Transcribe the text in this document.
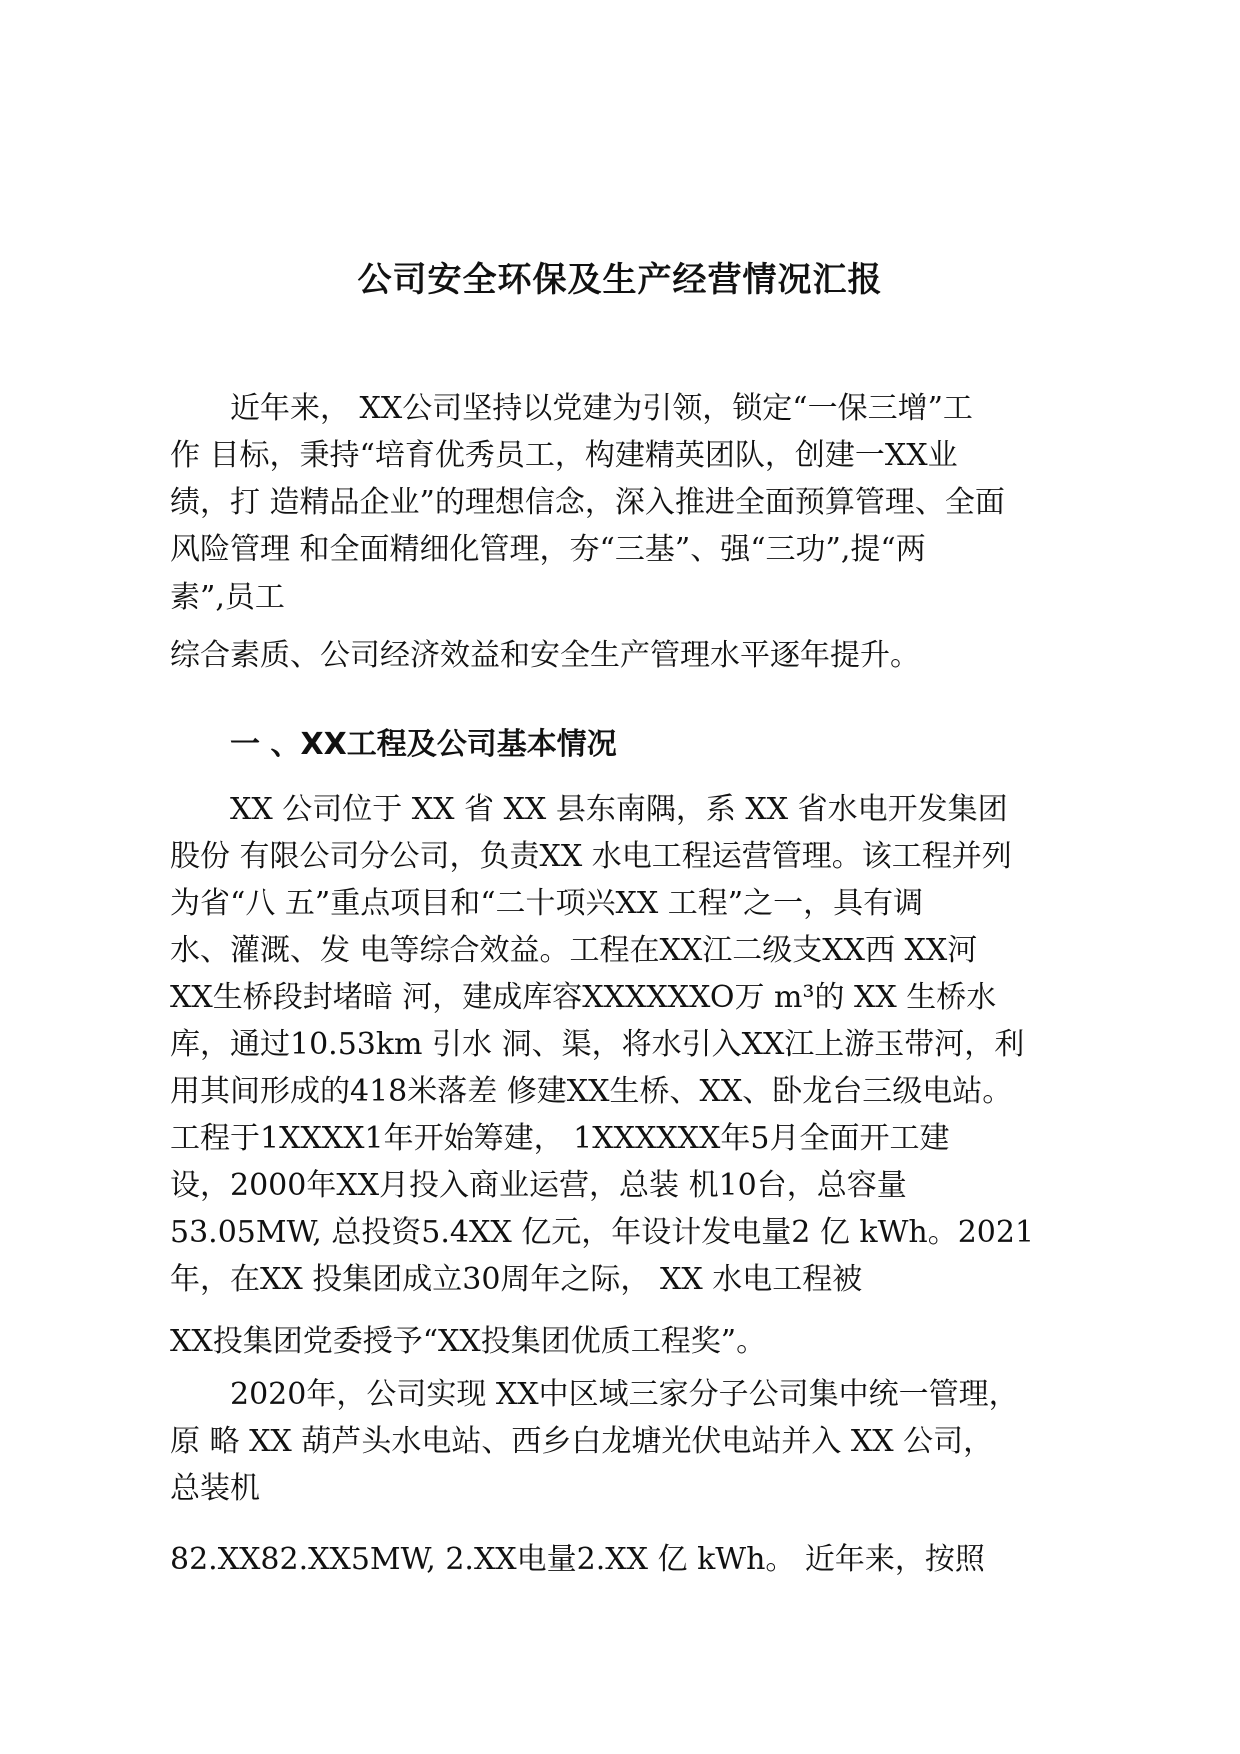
公司安全环保及生产经营情况汇报
近年来， XX公司坚持以党建为引领，锁定“一保三增”工
作 目标，秉持“培育优秀员工，构建精英团队，创建一XX业
绩，打 造精品企业”的理想信念，深入推进全面预算管理、全面
风险管理 和全面精细化管理，夯“三基”、强“三功”,提“两
素”,员工
综合素质、公司经济效益和安全生产管理水平逐年提升。
一 、XX工程及公司基本情况
XX 公司位于 XX 省 XX 县东南隅，系 XX 省水电开发集团
股份 有限公司分公司，负责XX 水电工程运营管理。该工程并列
为省“八 五”重点项目和“二十项兴XX 工程”之一，具有调
水、灌溉、发 电等综合效益。工程在XX江二级支XX西 XX河
XX生桥段封堵暗 河，建成库容XXXXXXO万 m³的 XX 生桥水
库，通过10.53km 引水 洞、渠，将水引入XX江上游玉带河，利
用其间形成的418米落差 修建XX生桥、XX、卧龙台三级电站。
工程于1XXXX1年开始筹建， 1XXXXXX年5月全面开工建
设，2000年XX月投入商业运营，总装 机10台，总容量
53.05MW, 总投资5.4XX 亿元，年设计发电量2 亿 kWh。2021
年，在XX 投集团成立30周年之际， XX 水电工程被
XX投集团党委授予“XX投集团优质工程奖”。
2020年，公司实现 XX中区域三家分子公司集中统一管理，
原 略 XX 葫芦头水电站、西乡白龙塘光伏电站并入 XX 公司，
总装机
82.XX82.XX5MW, 2.XX电量2.XX 亿 kWh。 近年来，按照
